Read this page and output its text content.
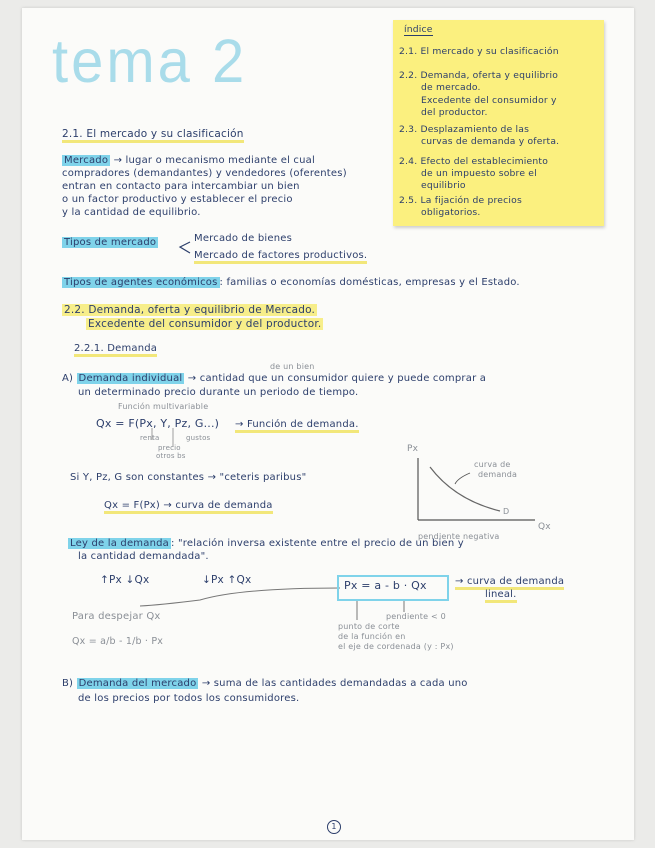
tema 2	índice
2.1. El mercado y su clasificación
2.2. Demanda, oferta y equilibrio
de mercado.
Excedente del consumidor y
del productor.
2.3. Desplazamiento de las
curvas de demanda y oferta.
2.4. Efecto del establecimiento
de un impuesto sobre el
equilibrio
2.5. La fijación de precios
obligatorios.
2.1. El mercado y su clasificación
Mercado → lugar o mecanismo mediante el cual
compradores (demandantes) y vendedores (oferentes)
entran en contacto para intercambiar un bien
o un factor productivo y establecer el precio
y la cantidad de equilibrio.
Tipos de mercado	Mercado de bienes
Mercado de factores productivos.
Tipos de agentes económicos : familias o economías domésticas, empresas y el Estado.
2.2. Demanda, oferta y equilibrio de Mercado.
Excedente del consumidor y del productor.
2.2.1. Demanda
de un bien
A) Demanda individual → cantidad que un consumidor quiere y puede comprar a
un determinado precio durante un periodo de tiempo.
Función multivariable
Qx = F(Px, Y, Pz, G...) → Función de demanda.
renta	gustos
precio
otros bs
Si Y, Pz, G son constantes → "ceteris paribus"
Qx = F(Px) → curva de demanda
Px
Qx
curva de
demanda
D
pendiente negativa
Ley de la demanda : "relación inversa existente entre el precio de un bien y
la cantidad demandada".
↑Px ↓Qx	↓Px ↑Qx	Px = a - b · Qx	→ curva de demanda
lineal.
Para despejar Qx
Qx = a/b - 1/b · Px
pendiente < 0
punto de corte
de la función en
el eje de cordenada (y : Px)
B) Demanda del mercado → suma de las cantidades demandadas a cada uno
de los precios por todos los consumidores.
1
